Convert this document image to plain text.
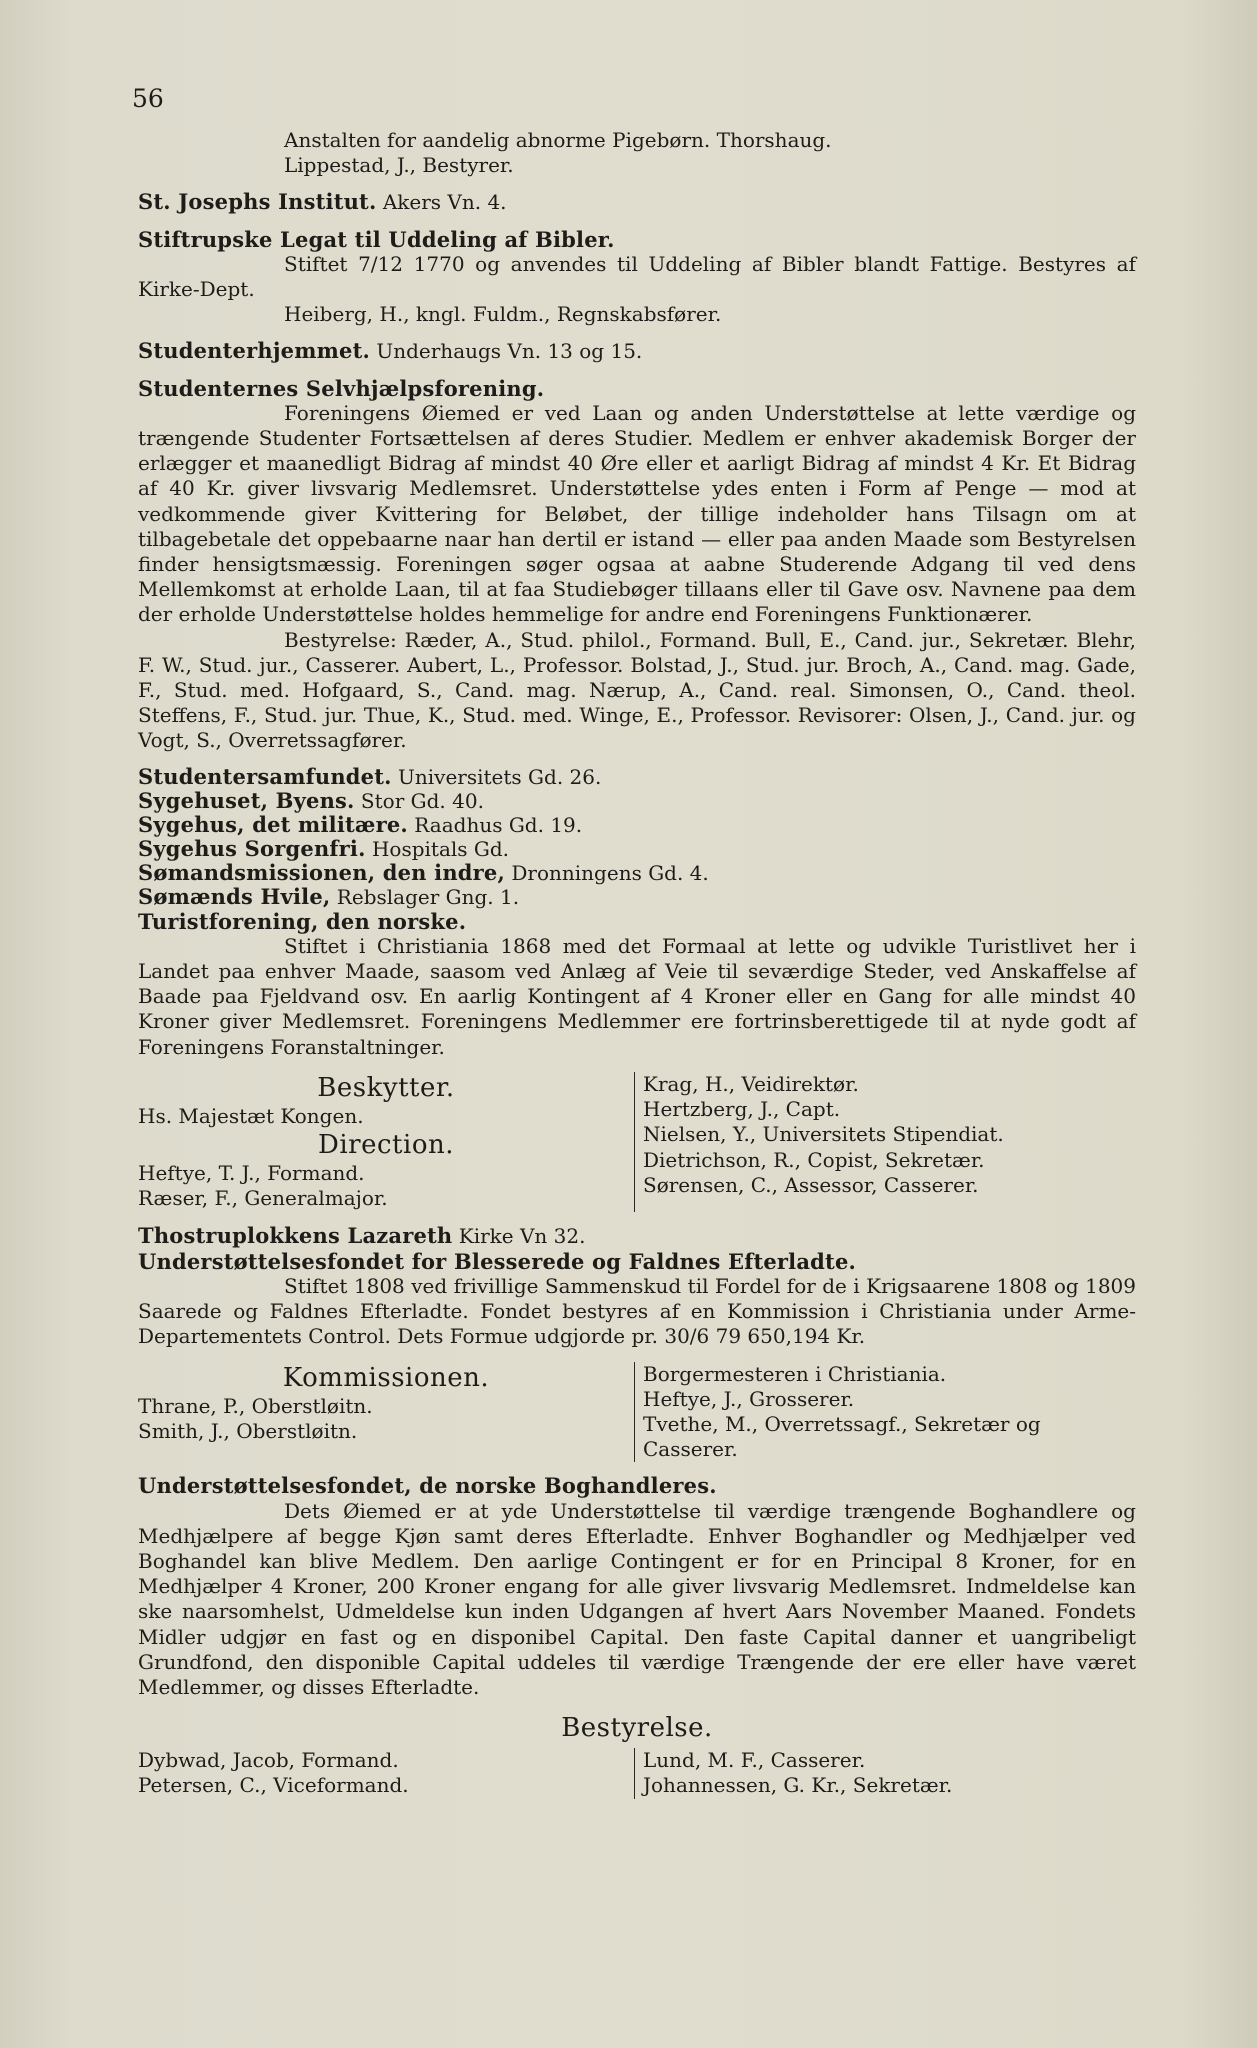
56
Anstalten for aandelig abnorme Pigebørn. Thorshaug.
Lippestad, J., Bestyrer.
St. Josephs Institut. Akers Vn. 4.
Stiftrupske Legat til Uddeling af Bibler.
Stiftet 7/12 1770 og anvendes til Uddeling af Bibler blandt Fattige. Bestyres af Kirke-Dept.
Heiberg, H., kngl. Fuldm., Regnskabsfører.
Studenterhjemmet. Underhaugs Vn. 13 og 15.
Studenternes Selvhjælpsforening.
Foreningens Øiemed er ved Laan og anden Understøttelse at lette værdige og trængende Studenter Fortsættelsen af deres Studier. Medlem er enhver akademisk Borger der erlægger et maanedligt Bidrag af mindst 40 Øre eller et aarligt Bidrag af mindst 4 Kr. Et Bidrag af 40 Kr. giver livsvarig Medlemsret. Understøttelse ydes enten i Form af Penge — mod at vedkommende giver Kvittering for Beløbet, der tillige indeholder hans Tilsagn om at tilbagebetale det oppebaarne naar han dertil er istand — eller paa anden Maade som Bestyrelsen finder hensigtsmæssig. Foreningen søger ogsaa at aabne Studerende Adgang til ved dens Mellemkomst at erholde Laan, til at faa Studiebøger tillaans eller til Gave osv. Navnene paa dem der erholde Understøttelse holdes hemmelige for andre end Foreningens Funktionærer.
Bestyrelse: Ræder, A., Stud. philol., Formand. Bull, E., Cand. jur., Sekretær. Blehr, F. W., Stud. jur., Casserer. Aubert, L., Professor. Bolstad, J., Stud. jur. Broch, A., Cand. mag. Gade, F., Stud. med. Hofgaard, S., Cand. mag. Nærup, A., Cand. real. Simonsen, O., Cand. theol. Steffens, F., Stud. jur. Thue, K., Stud. med. Winge, E., Professor. Revisorer: Olsen, J., Cand. jur. og Vogt, S., Overretssagfører.
Studentersamfundet. Universitets Gd. 26.
Sygehuset, Byens. Stor Gd. 40.
Sygehus, det militære. Raadhus Gd. 19.
Sygehus Sorgenfri. Hospitals Gd.
Sømandsmissionen, den indre, Dronningens Gd. 4.
Sømænds Hvile, Rebslager Gng. 1.
Turistforening, den norske.
Stiftet i Christiania 1868 med det Formaal at lette og udvikle Turistlivet her i Landet paa enhver Maade, saasom ved Anlæg af Veie til seværdige Steder, ved Anskaffelse af Baade paa Fjeldvand osv. En aarlig Kontingent af 4 Kroner eller en Gang for alle mindst 40 Kroner giver Medlemsret. Foreningens Medlemmer ere fortrinsberettigede til at nyde godt af Foreningens Foranstaltninger.
Beskytter.
Hs. Majestæt Kongen.
Direction.
Heftye, T. J., Formand.
Ræser, F., Generalmajor.
Krag, H., Veidirektør.
Hertzberg, J., Capt.
Nielsen, Y., Universitets Stipendiat.
Dietrichson, R., Copist, Sekretær.
Sørensen, C., Assessor, Casserer.
Thostruplokkens Lazareth Kirke Vn 32.
Understøttelsesfondet for Blesserede og Faldnes Efterladte.
Stiftet 1808 ved frivillige Sammenskud til Fordel for de i Krigsaarene 1808 og 1809 Saarede og Faldnes Efterladte. Fondet bestyres af en Kommission i Christiania under Arme-Departementets Control. Dets Formue udgjorde pr. 30/6 79 650,194 Kr.
Kommissionen.
Thrane, P., Oberstløitn.
Smith, J., Oberstløitn.
Borgermesteren i Christiania.
Heftye, J., Grosserer.
Tvethe, M., Overretssagf., Sekretær og Casserer.
Understøttelsesfondet, de norske Boghandleres.
Dets Øiemed er at yde Understøttelse til værdige trængende Boghandlere og Medhjælpere af begge Kjøn samt deres Efterladte. Enhver Boghandler og Medhjælper ved Boghandel kan blive Medlem. Den aarlige Contingent er for en Principal 8 Kroner, for en Medhjælper 4 Kroner, 200 Kroner engang for alle giver livsvarig Medlemsret. Indmeldelse kan ske naarsomhelst, Udmeldelse kun inden Udgangen af hvert Aars November Maaned. Fondets Midler udgjør en fast og en disponibel Capital. Den faste Capital danner et uangribeligt Grundfond, den disponible Capital uddeles til værdige Trængende der ere eller have været Medlemmer, og disses Efterladte.
Bestyrelse.
Dybwad, Jacob, Formand.
Petersen, C., Viceformand.
Lund, M. F., Casserer.
Johannessen, G. Kr., Sekretær.
